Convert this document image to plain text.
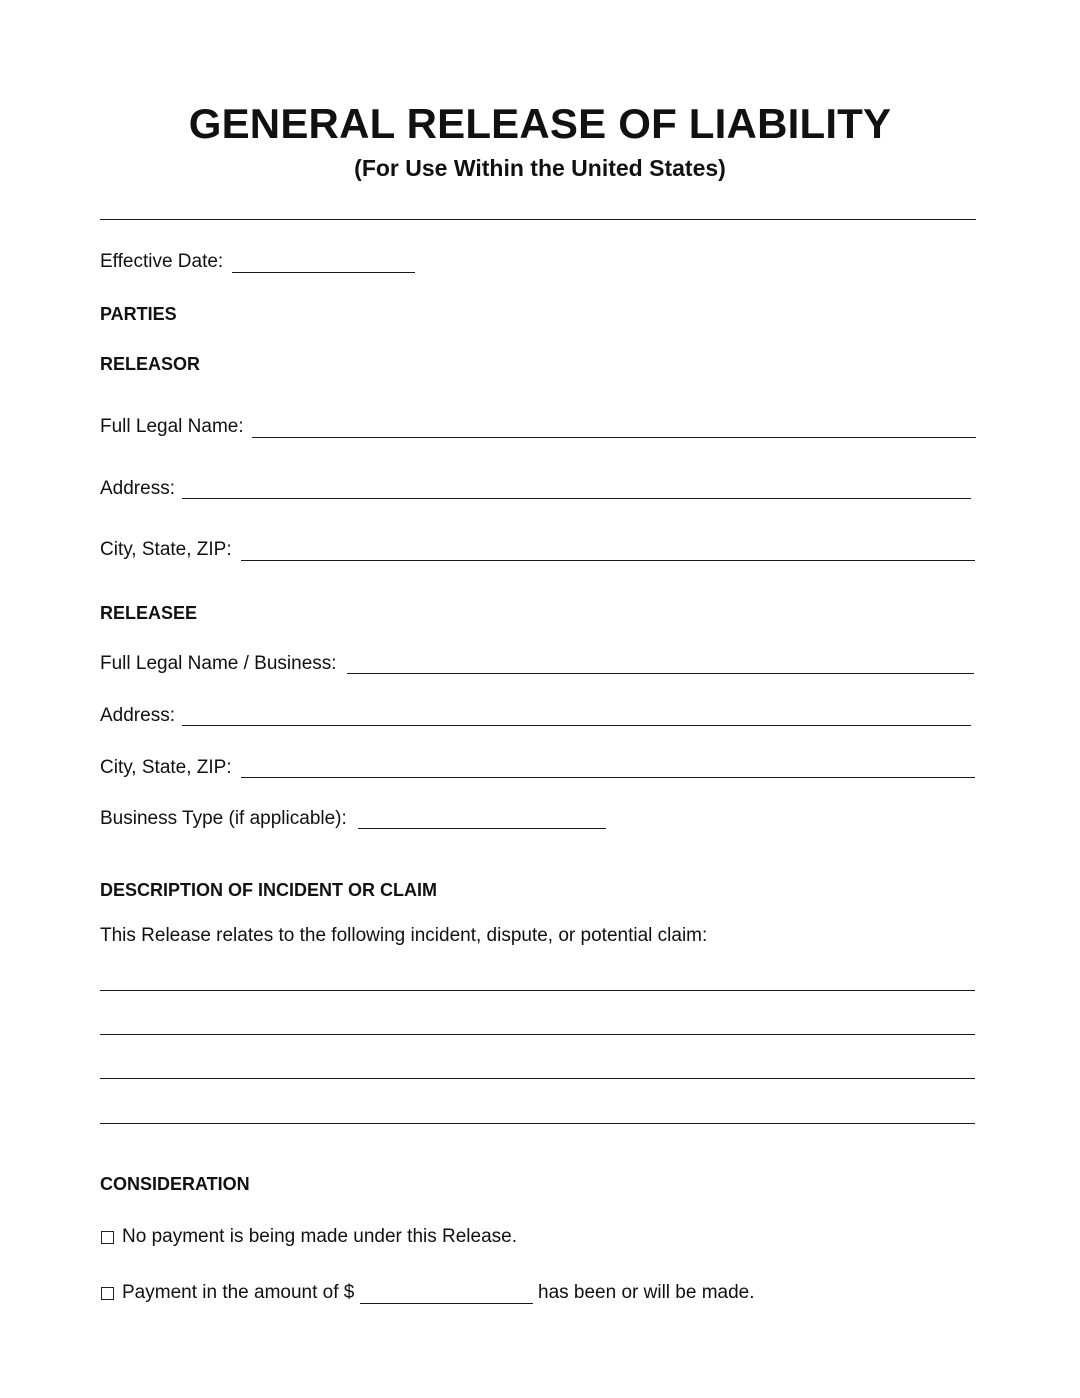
GENERAL RELEASE OF LIABILITY
(For Use Within the United States)
Effective Date:
PARTIES
RELEASOR
Full Legal Name:
Address:
City, State, ZIP:
RELEASEE
Full Legal Name / Business:
Address:
City, State, ZIP:
Business Type (if applicable):
DESCRIPTION OF INCIDENT OR CLAIM
This Release relates to the following incident, dispute, or potential claim:
CONSIDERATION
No payment is being made under this Release.
Payment in the amount of $	has been or will be made.
